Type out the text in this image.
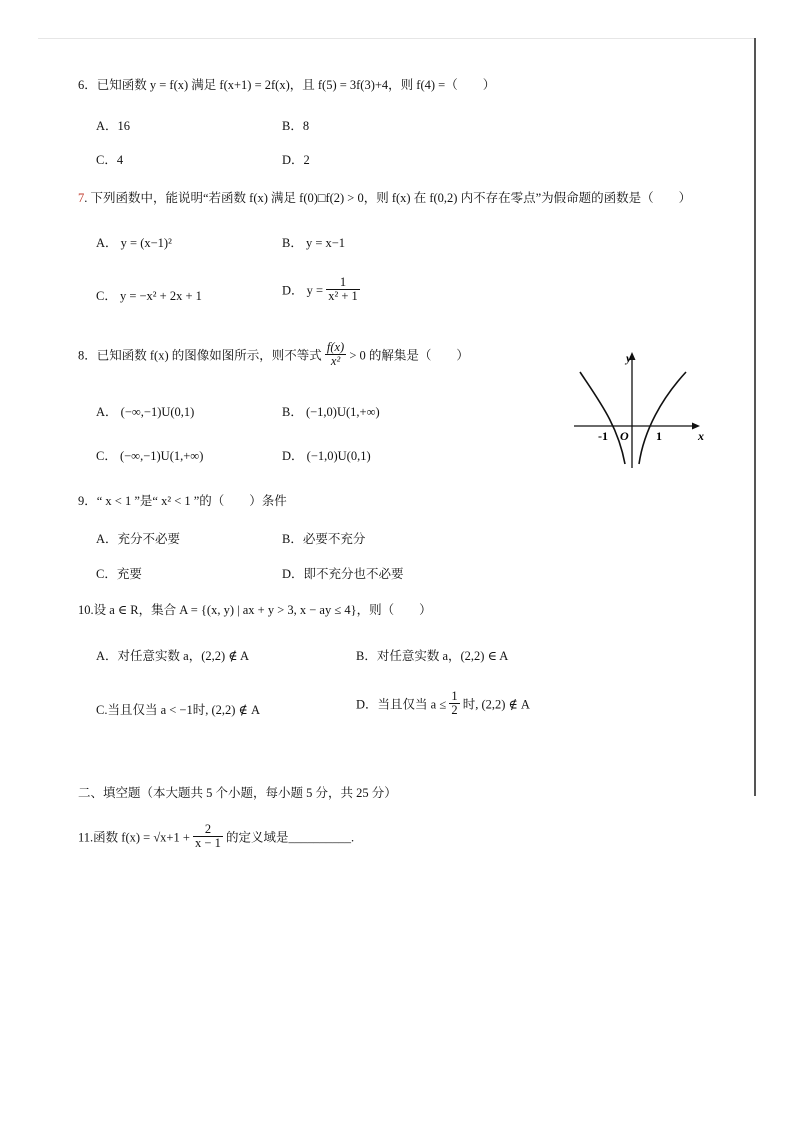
6．已知函数 y = f(x) 满足 f(x+1) = 2f(x)，且 f(5) = 3f(3)+4，则 f(4) =（　　）
A．16	B．8
C．4	D．2
7. 下列函数中，能说明“若函数 f(x) 满足 f(0)□f(2) > 0，则 f(x) 在 f(0,2) 内不存在零点”为假命题的函数是（　　）
A． y = (x−1)²	B． y = x−1
C． y = −x² + 2x + 1	D． $y = \frac{1}{\text{x² + 1}}$
8．已知函数 f(x) 的图像如图所示，则不等式 $\frac{f(x)}{\text{x²}} > 0$ 的解集是（　　）
A． (−∞,−1)U(0,1)	B． (−1,0)U(1,+∞)
C． (−∞,−1)U(1,+∞)	D． (−1,0)U(0,1)
y
x
-1 O 1
9．“ x < 1 ”是“ x² < 1 ”的（　　）条件
A．充分不必要	B．必要不充分
C．充要	D．即不充分也不必要
10.设 a ∈ R，集合 A = {(x, y) | ax + y > 3, x − ay ≤ 4}，则（　　）
A．对任意实数 a，(2,2) ∉ A	B．对任意实数 a，(2,2) ∈ A
C.当且仅当 a < −1时, (2,2) ∉ A	D．当且仅当 $a \le \frac{1}{2}$ 时, (2,2) ∉ A
二、填空题（本大题共 5 个小题，每小题 5 分，共 25 分）
11.函数 $f(x) = √x+1 + \frac{2}{x - 1}$ 的定义域是__________.
